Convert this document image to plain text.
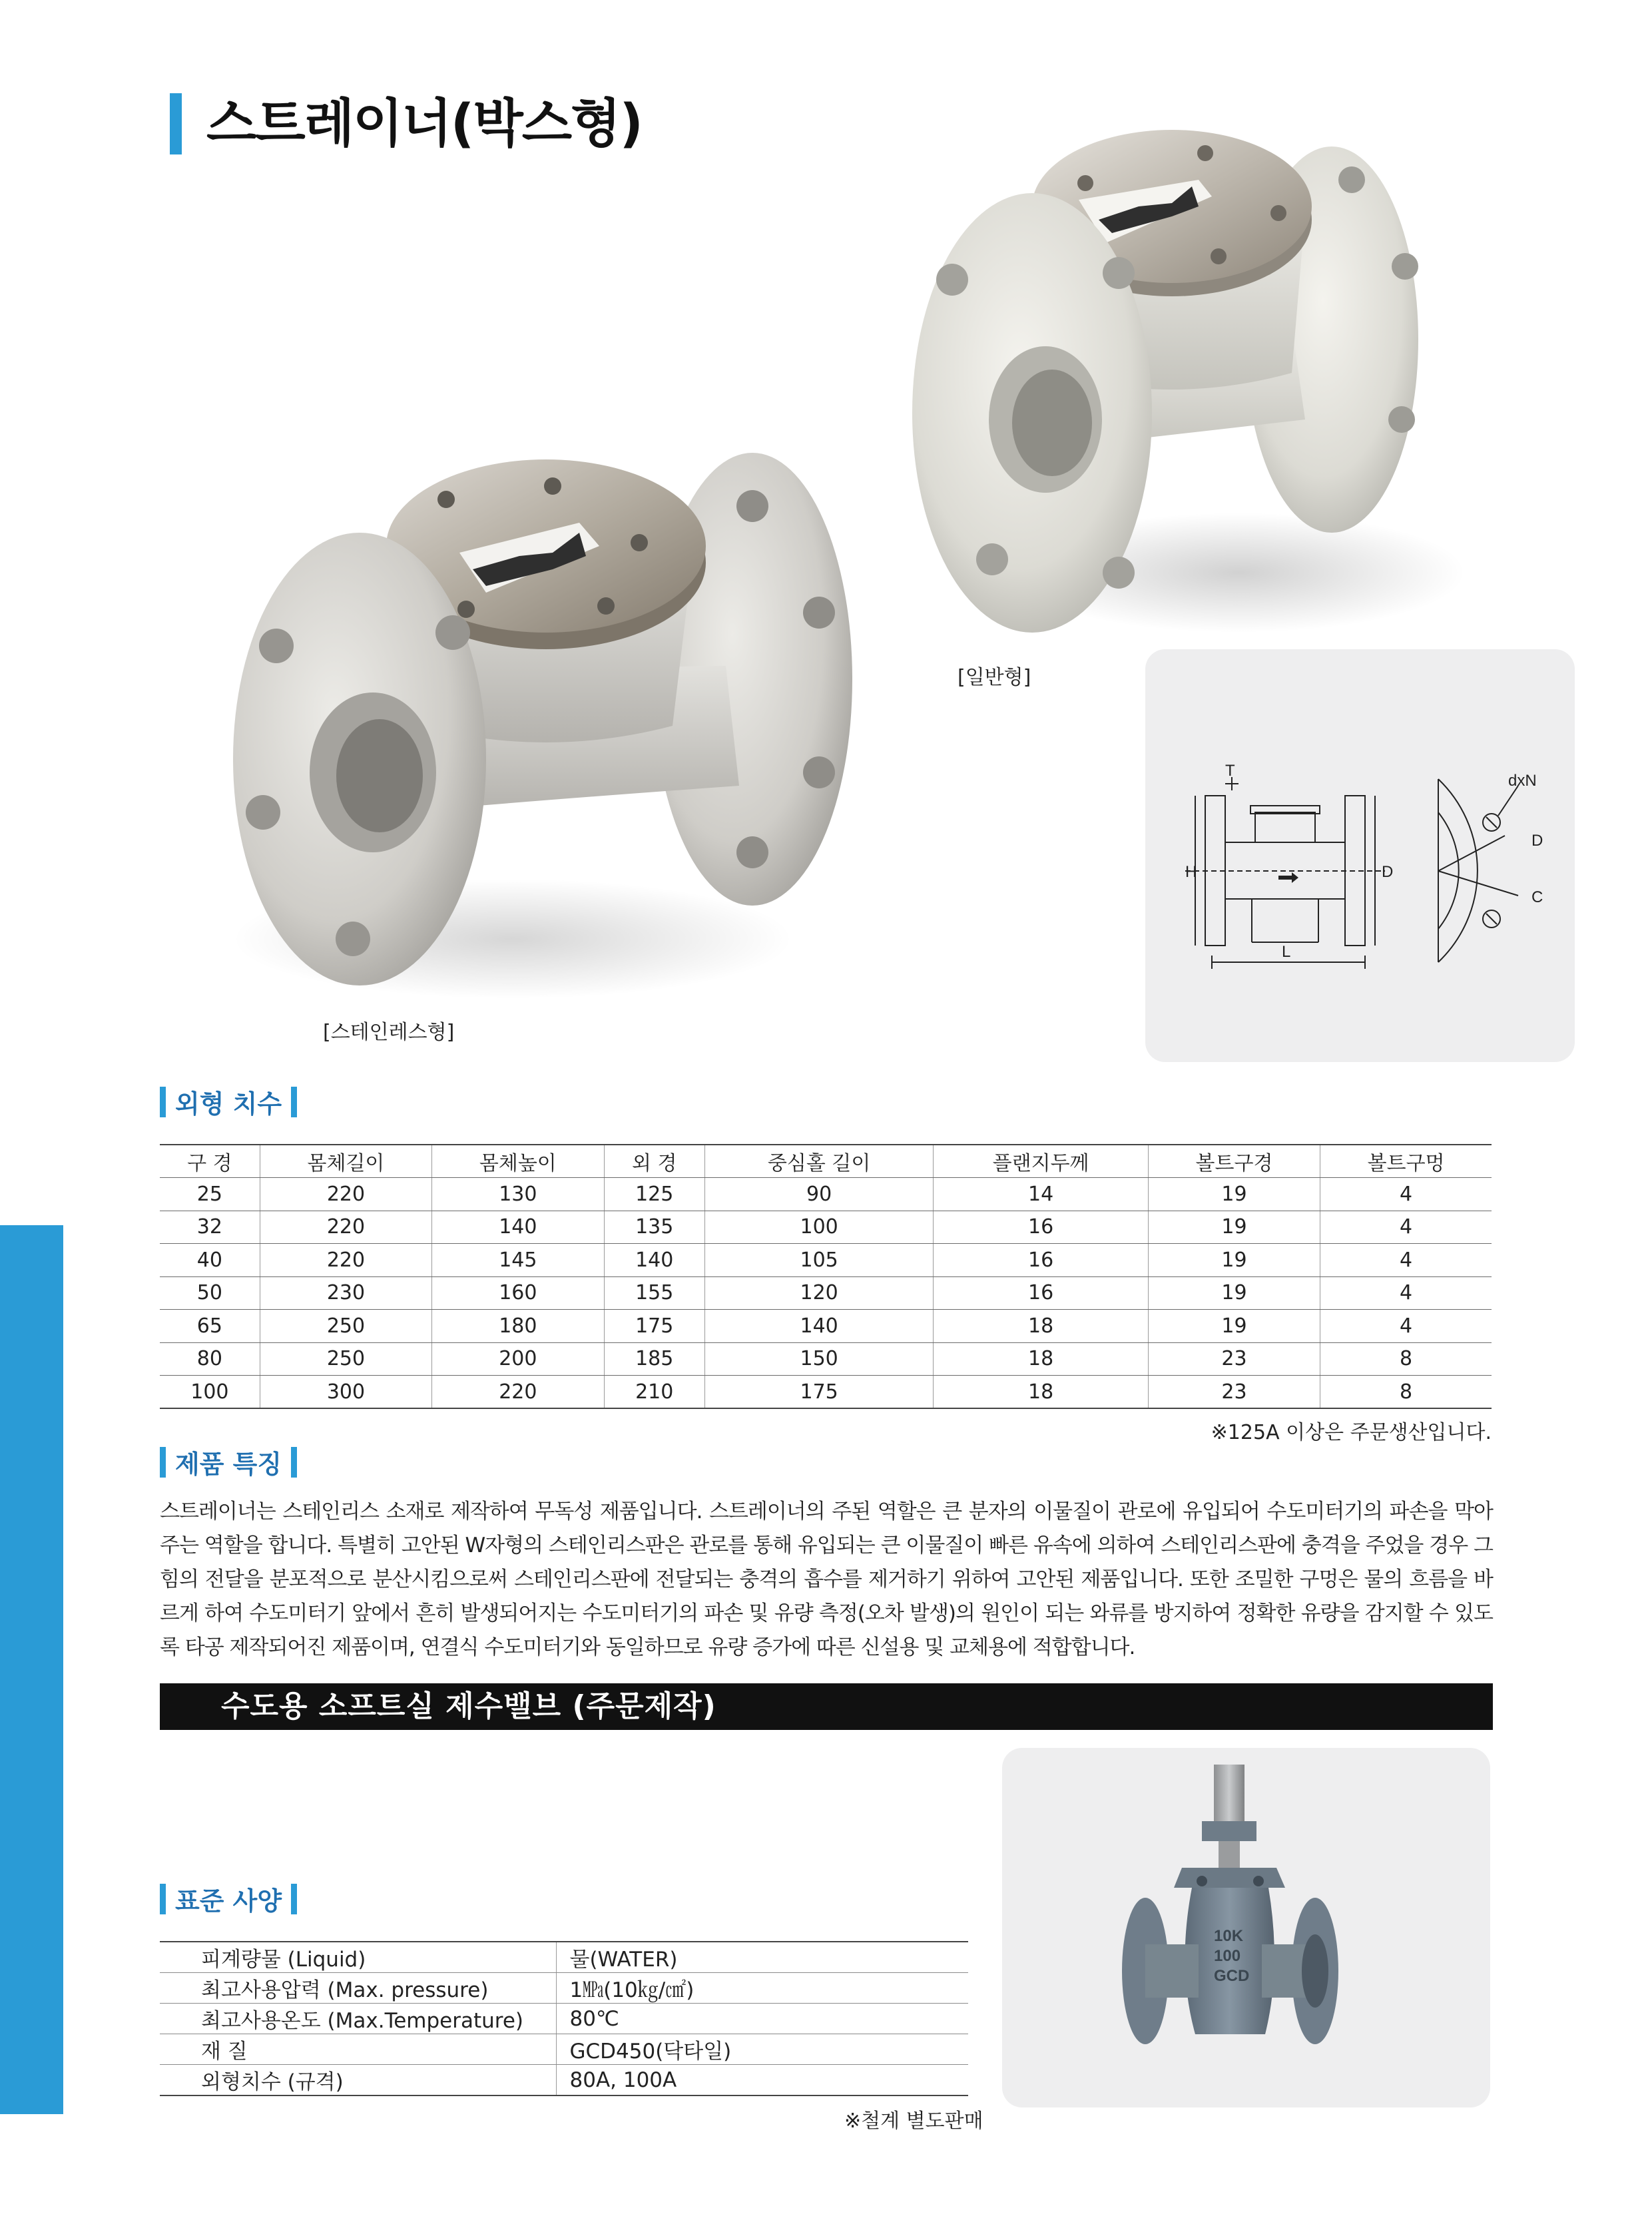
스트레이너(박스형)
[일반형]
[스테인레스형]
T
dxN
D
C
L
H	D
외형 치수
구 경	몸체길이	몸체높이	외 경	중심홀 길이	플랜지두께	볼트구경	볼트구멍
25	220	130	125	90	14	19	4
32	220	140	135	100	16	19	4
40	220	145	140	105	16	19	4
50	230	160	155	120	16	19	4
65	250	180	175	140	18	19	4
80	250	200	185	150	18	23	8
100	300	220	210	175	18	23	8
※125A 이상은 주문생산입니다.
제품 특징

스트레이너는 스테인리스 소재로 제작하여 무독성 제품입니다. 스트레이너의 주된 역할은 큰 분자의 이물질이 관로에 유입되어 수도미터기의 파손을 막아주는 역할을 합니다. 특별히 고안된 W자형의 스테인리스판은 관로를 통해 유입되는 큰 이물질이 빠른 유속에 의하여 스테인리스판에 충격을 주었을 경우 그 힘의 전달을 분포적으로 분산시킴으로써 스테인리스판에 전달되는 충격의 흡수를 제거하기 위하여 고안된 제품입니다. 또한 조밀한 구멍은 물의 흐름을 바르게 하여 수도미터기 앞에서 흔히 발생되어지는 수도미터기의 파손 및 유량 측정(오차 발생)의 원인이 되는 와류를 방지하여 정확한 유량을 감지할 수 있도록 타공 제작되어진 제품이며, 연결식 수도미터기와 동일하므로 유량 증가에 따른 신설용 및 교체용에 적합합니다.

수도용 소프트실 제수밸브 (주문제작)
10K
100
GCD
표준 사양
피계량물 (Liquid)	물(WATER)
최고사용압력 (Max. pressure)	1㎫(10㎏/㎠)
최고사용온도 (Max.Temperature)	80℃
재 질	GCD450(닥타일)
외형치수 (규격)	80A, 100A
※철계 별도판매
